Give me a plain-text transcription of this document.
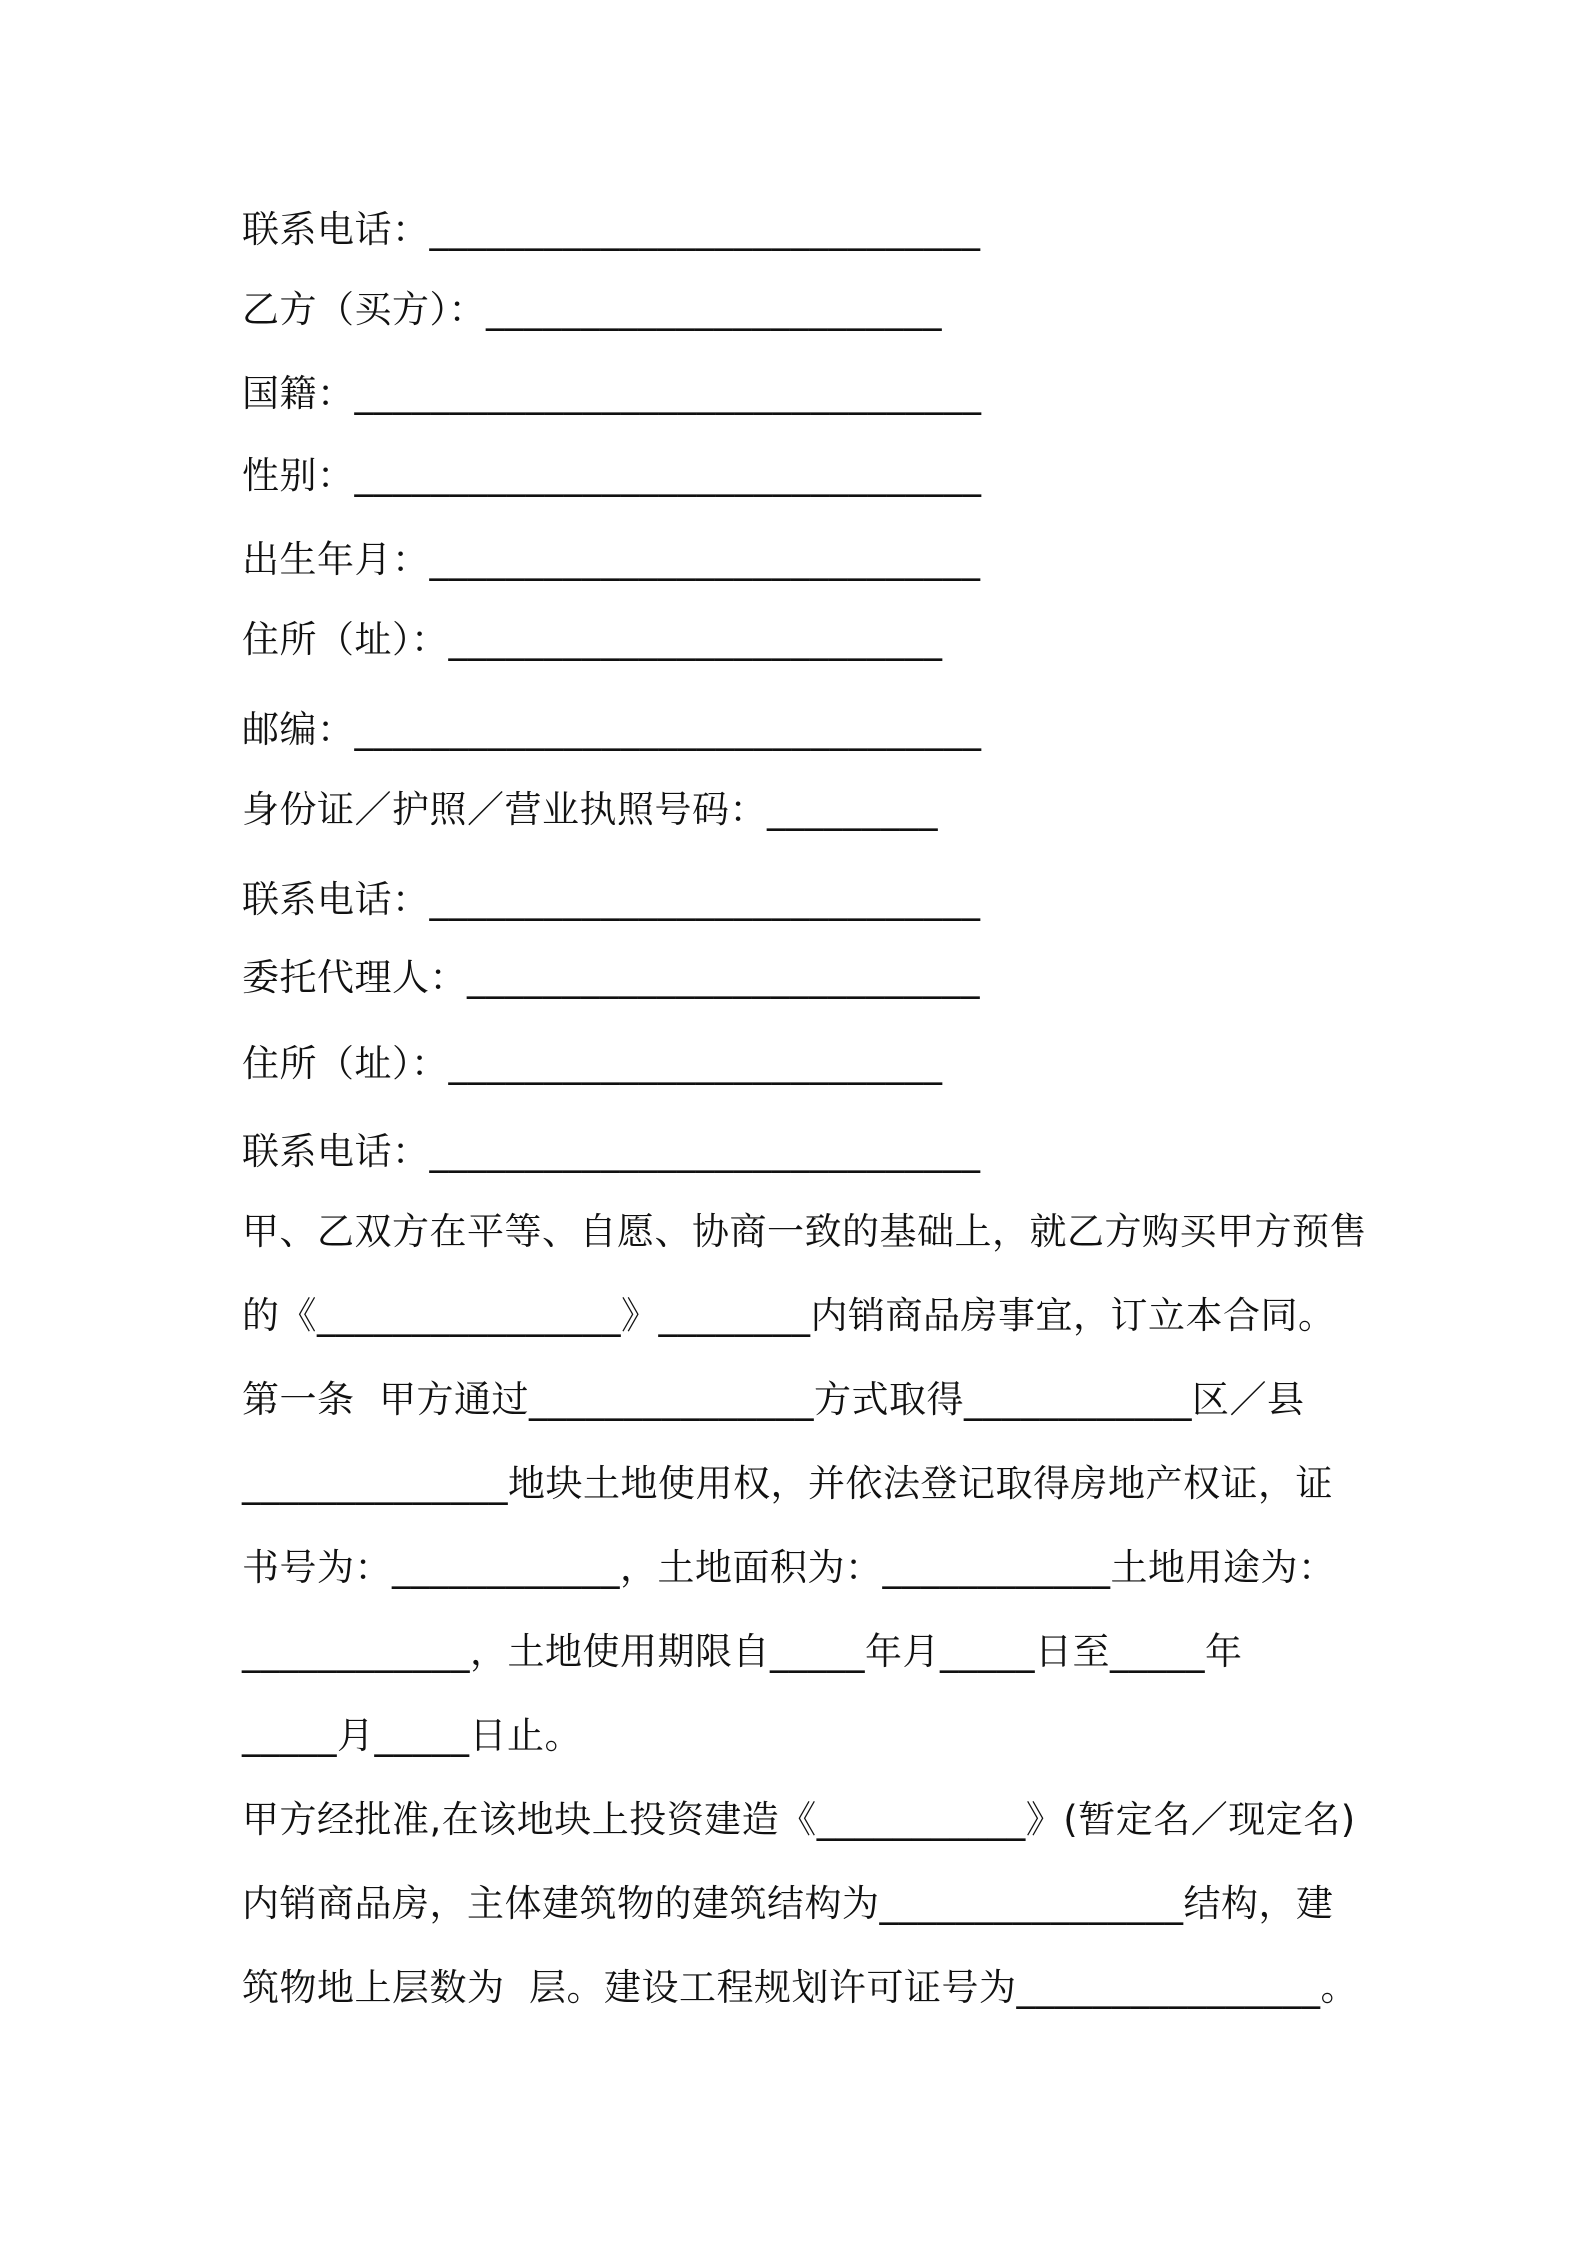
联系电话：_____________________________
乙方（买方）：________________________
国籍：_________________________________
性别：_________________________________
出生年月：_____________________________
住所（址）：__________________________
邮编：_________________________________
身份证／护照／营业执照号码：_________
联系电话：_____________________________
委托代理人：___________________________
住所（址）：__________________________
联系电话：_____________________________
甲、乙双方在平等、自愿、协商一致的基础上，就乙方购买甲方预售
的《________________》________内销商品房事宜，订立本合同。
第一条  甲方通过_______________方式取得____________区／县
______________地块土地使用权，并依法登记取得房地产权证，证
书号为：____________，土地面积为：____________土地用途为：
____________，土地使用期限自_____年月_____日至_____年
_____月_____日止。
甲方经批准,在该地块上投资建造《___________》(暂定名／现定名)
内销商品房，主体建筑物的建筑结构为________________结构，建
筑物地上层数为  层。建设工程规划许可证号为________________。
